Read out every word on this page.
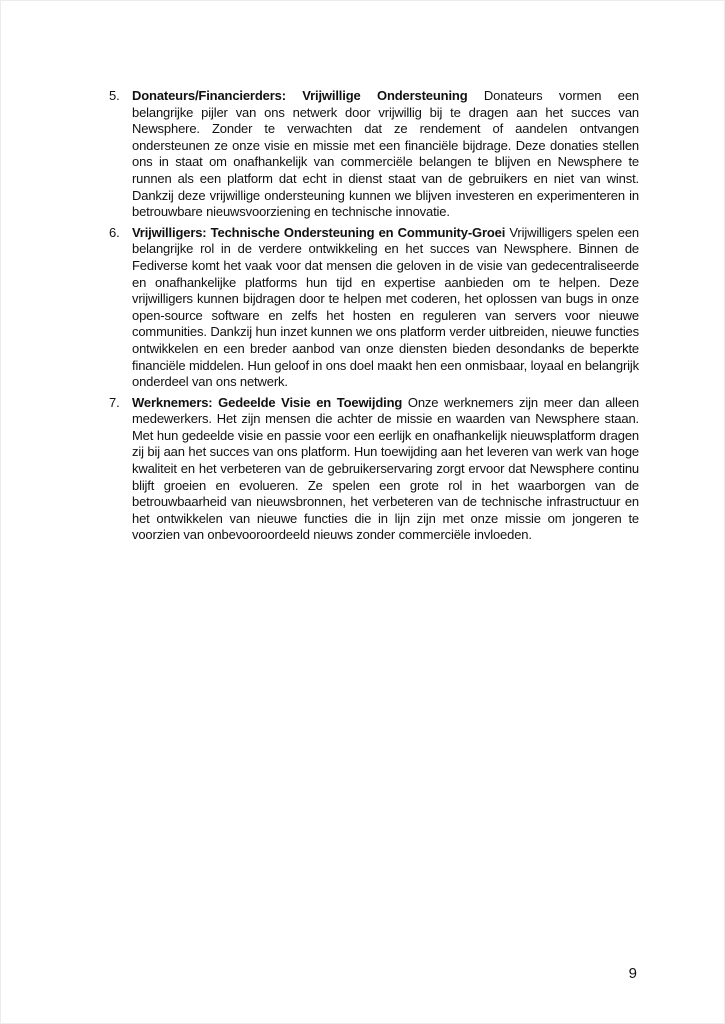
5. Donateurs/Financierders: Vrijwillige Ondersteuning Donateurs vormen een belangrijke pijler van ons netwerk door vrijwillig bij te dragen aan het succes van Newsphere. Zonder te verwachten dat ze rendement of aandelen ontvangen ondersteunen ze onze visie en missie met een financiële bijdrage. Deze donaties stellen ons in staat om onafhankelijk van commerciële belangen te blijven en Newsphere te runnen als een platform dat echt in dienst staat van de gebruikers en niet van winst. Dankzij deze vrijwillige ondersteuning kunnen we blijven investeren en experimenteren in betrouwbare nieuwsvoorziening en technische innovatie.
6. Vrijwilligers: Technische Ondersteuning en Community-Groei Vrijwilligers spelen een belangrijke rol in de verdere ontwikkeling en het succes van Newsphere. Binnen de Fediverse komt het vaak voor dat mensen die geloven in de visie van gedecentraliseerde en onafhankelijke platforms hun tijd en expertise aanbieden om te helpen. Deze vrijwilligers kunnen bijdragen door te helpen met coderen, het oplossen van bugs in onze open-source software en zelfs het hosten en reguleren van servers voor nieuwe communities. Dankzij hun inzet kunnen we ons platform verder uitbreiden, nieuwe functies ontwikkelen en een breder aanbod van onze diensten bieden desondanks de beperkte financiële middelen. Hun geloof in ons doel maakt hen een onmisbaar, loyaal en belangrijk onderdeel van ons netwerk.
7. Werknemers: Gedeelde Visie en Toewijding Onze werknemers zijn meer dan alleen medewerkers. Het zijn mensen die achter de missie en waarden van Newsphere staan. Met hun gedeelde visie en passie voor een eerlijk en onafhankelijk nieuwsplatform dragen zij bij aan het succes van ons platform. Hun toewijding aan het leveren van werk van hoge kwaliteit en het verbeteren van de gebruikerservaring zorgt ervoor dat Newsphere continu blijft groeien en evolueren. Ze spelen een grote rol in het waarborgen van de betrouwbaarheid van nieuwsbronnen, het verbeteren van de technische infrastructuur en het ontwikkelen van nieuwe functies die in lijn zijn met onze missie om jongeren te voorzien van onbevooroordeeld nieuws zonder commerciële invloeden.
9
